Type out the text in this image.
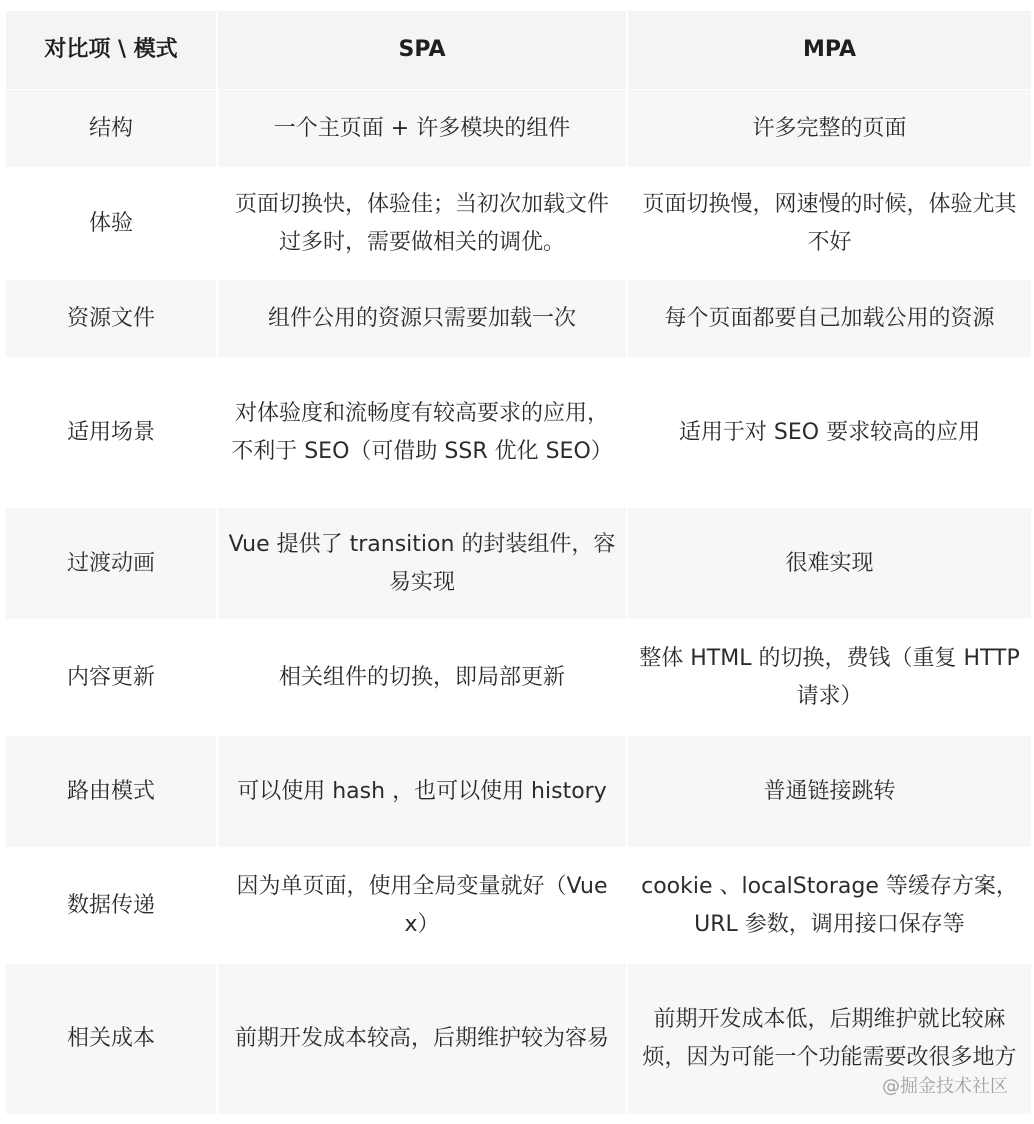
对比项 \ 模式	SPA	MPA
结构	一个主页面 + 许多模块的组件	许多完整的页面
体验	页面切换快，体验佳；当初次加载文件过多时，需要做相关的调优。	页面切换慢，网速慢的时候，体验尤其不好
资源文件	组件公用的资源只需要加载一次	每个页面都要自己加载公用的资源
适用场景	对体验度和流畅度有较高要求的应用，不利于 SEO（可借助 SSR 优化 SEO）	适用于对 SEO 要求较高的应用
过渡动画	Vue 提供了 transition 的封装组件，容易实现	很难实现
内容更新	相关组件的切换，即局部更新	整体 HTML 的切换，费钱（重复 HTTP 请求）
路由模式	可以使用 hash ，也可以使用 history	普通链接跳转
数据传递	因为单页面，使用全局变量就好（Vuex）	cookie 、localStorage 等缓存方案，URL 参数，调用接口保存等
相关成本	前期开发成本较高，后期维护较为容易	前期开发成本低，后期维护就比较麻烦，因为可能一个功能需要改很多地方
@掘金技术社区
